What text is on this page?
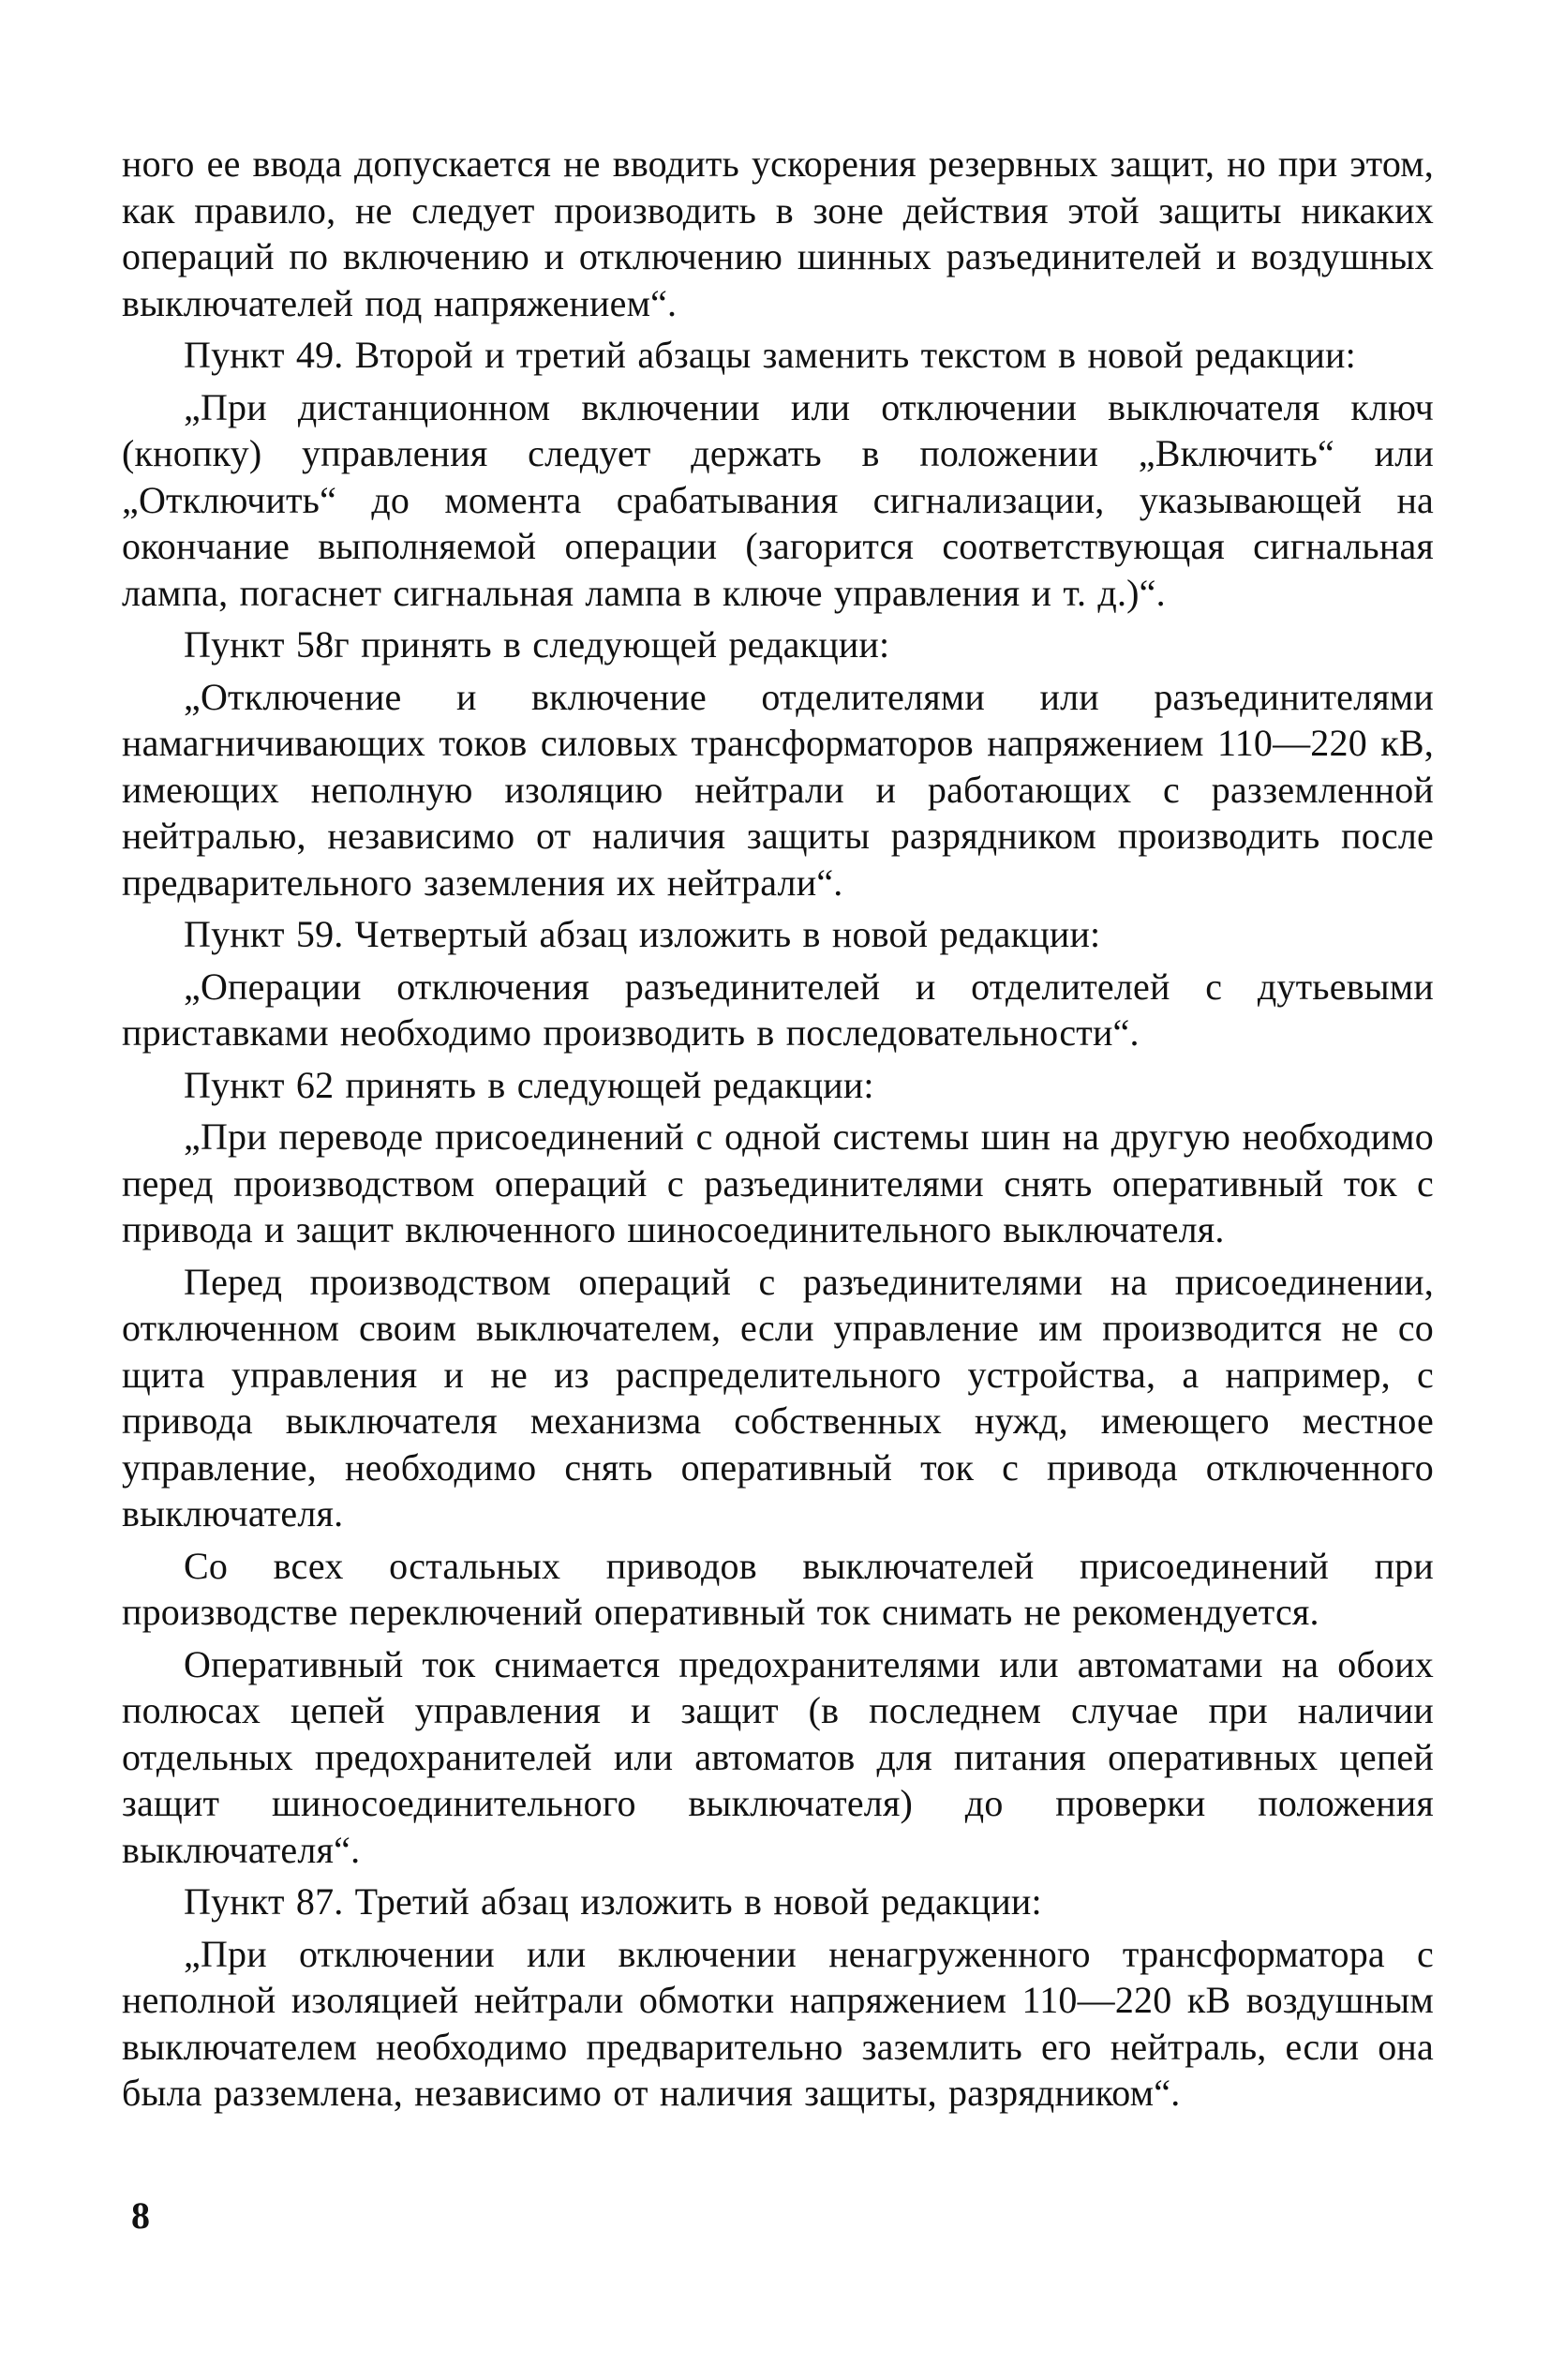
ного ее ввода допускается не вводить ускорения резервных защит, но при этом, как правило, не следует производить в зоне действия этой защиты никаких операций по включению и отключению шинных разъединителей и воздушных выключателей под напряжением“.

Пункт 49. Второй и третий абзацы заменить текстом в новой редакции:

„При дистанционном включении или отключении выключателя ключ (кнопку) управления следует держать в положении „Включить“ или „Отключить“ до момента срабатывания сигнализации, указывающей на окончание выполняемой операции (загорится соответствующая сигнальная лампа, погаснет сигнальная лампа в ключе управления и т. д.)“.

Пункт 58г принять в следующей редакции:

„Отключение и включение отделителями или разъединителями намагничивающих токов силовых трансформаторов напряжением 110—220 кВ, имеющих неполную изоляцию нейтрали и работающих с разземленной нейтралью, независимо от наличия защиты разрядником производить после предварительного заземления их нейтрали“.

Пункт 59. Четвертый абзац изложить в новой редакции:

„Операции отключения разъединителей и отделителей с дутьевыми приставками необходимо производить в последовательности“.

Пункт 62 принять в следующей редакции:

„При переводе присоединений с одной системы шин на другую необходимо перед производством операций с разъединителями снять оперативный ток с привода и защит включенного шиносоединительного выключателя.

Перед производством операций с разъединителями на присоединении, отключенном своим выключателем, если управление им производится не со щита управления и не из распределительного устройства, а например, с привода выключателя механизма собственных нужд, имеющего местное управление, необходимо снять оперативный ток с привода отключенного выключателя.

Со всех остальных приводов выключателей присоединений при производстве переключений оперативный ток снимать не рекомендуется.

Оперативный ток снимается предохранителями или автоматами на обоих полюсах цепей управления и защит (в последнем случае при наличии отдельных предохранителей или автоматов для питания оперативных цепей защит шиносоединительного выключателя) до проверки положения выключателя“.

Пункт 87. Третий абзац изложить в новой редакции:

„При отключении или включении ненагруженного трансформатора с неполной изоляцией нейтрали обмотки напряжением 110—220 кВ воздушным выключателем необходимо предварительно заземлить его нейтраль, если она была разземлена, независимо от наличия защиты, разрядником“.

8
